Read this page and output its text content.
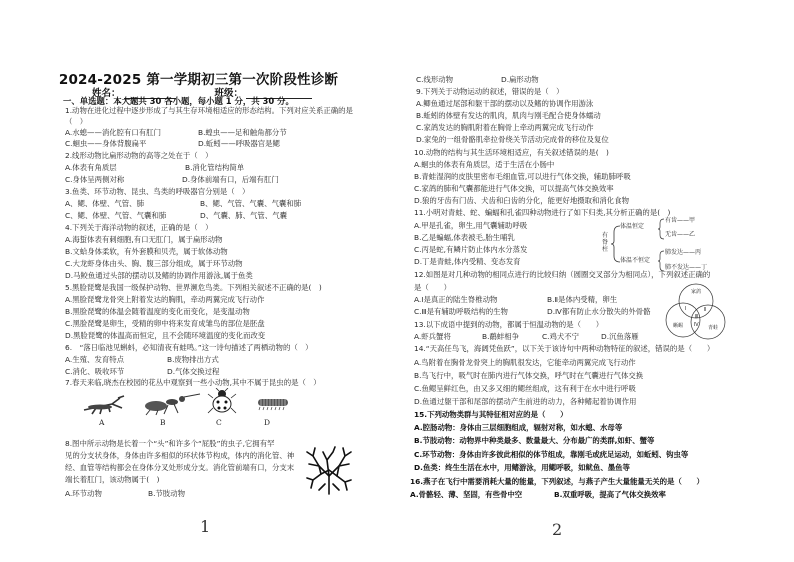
2024-2025 第一学期初三第一次阶段性诊断
姓名：	班级：
一、单选题：本大题共 30 各小题，每小题 1 分，共 30 分。
1.动物在进化过程中逐步形成了与其生存环境相适应的形态结构。下列对应关系正确的是
（　）
A.水螅——消化腔有口有肛门	B.蝗虫——足和触角都分节
C.蛔虫——身体背腹扁平	D.蚯蚓——呼吸器官是鳃
2.线形动物比扁形动物的高等之处在于（　）
A.体表有角质层	B.消化管结构简单
C.身体呈两侧对称	D.身体前端有口，后端有肛门
3.鱼类、环节动物、昆虫、鸟类的呼吸器官分别是（　）
A、鳃、体壁、气管、肺	B、鳃、气管、气囊、气囊和肺
C、鳃、体壁、气管、气囊和肺	D、气囊、肺、气管、气囊
4.下列关于海洋动物的叙述，正确的是（　）
A.海蜇体表有刺细胞,有口无肛门，属于扁形动物
B.文蛤身体柔软，有外套膜和贝壳，属于软体动物
C.大龙虾身体由头、胸、腹三部分组成，属于环节动物
D.马鲛鱼通过头部的摆动以及鳍的协调作用游泳,属于鱼类
5.黑脸琵鹭是我国一级保护动物、世界濒危鸟类。下列相关叙述不正确的是(　)
A.黑脸琵鹭龙骨突上附着发达的胸肌，牵动两翼完成飞行动作
B.黑脸琵鹭的体温会随着温度的变化而变化，是变温动物
C.黑脸琵鹭是卵生，受精的卵中将来发育成雏鸟的部位是胚盘
D.黑脸琵鹭的体温高而恒定，且不会随环境温度的变化而改变
6.　“落日临池见蝌蚪，必知清夜有蛙鸣。”这一诗句描述了两栖动物的（　）
A.生殖、发育特点	B.废物排出方式
C.消化、吸收环节	D.气体交换过程
7.春天来临,晓杰在校园的花丛中观察到一些小动物,其中不属于昆虫的是（　）
A	B	C	D
8.图中所示动物是长着一个“头”和许多个“屁股”的虫子,它拥有罕
见的分支状身体，身体由许多相似的环状体节构成，体内的消化管、神
经、血管等结构都会在身体分叉处形成分支。消化管前端有口，分支末
端长着肛门，该动物属于(　)
A.环节动物	B.节肢动物
1
C.线形动物	D.扁形动物
9.下列关于动物运动的叙述，错误的是（　）
A.鲫鱼通过尾部和躯干部的摆动以及鳍的协调作用游泳
B.蚯蚓的体壁有发达的肌肉，肌肉与刚毛配合使身体蠕动
C.家鸽发达的胸肌附着在胸骨上牵动两翼完成飞行动作
D.家兔的一组骨骼肌牵拉骨绕关节活动完成骨的移位及复位
10.动物的结构与其生活环境相适应，有关叙述错误的是(　)
A.蛔虫的体表有角质层，适于生活在小肠中
B.青蛙湿润的皮肤里密布毛细血管,可以进行气体交换，辅助肺呼吸
C.家鸽的肺和气囊都能进行气体交换，可以提高气体交换效率
D.狼的牙齿有门齿、犬齿和臼齿的分化，能更好地摄取和消化食物
11.小明对青蛙、蛇、蝙蝠和孔雀四种动物进行了如下归类,其分析正确的是(　)
A.甲是孔雀，卵生,用气囊辅助呼吸
B.乙是蝙蝠,体表被毛,胎生哺乳
C.丙是蛇,有鳞片防止体内水分蒸发
D.丁是青蛙,体内受精、变态发育
有脊柱
体温恒定
体温不恒定
有齿——甲
无齿——乙
肺发达——丙
肺不发达——丁
12.如图是对几种动物的相同点进行的比较归纳（圆圈交叉部分为相同点），下列叙述正确的
是（　　）
A.Ⅰ是真正的陆生脊椎动物	B.Ⅱ是体内受精，卵生
C.Ⅲ是有辅助呼吸结构的生物	D.Ⅳ都有防止水分散失的外骨骼
家鸽
蜥蜴	青蛙
Ⅰ	Ⅱ
Ⅲ
Ⅳ
13.以下成语中提到的动物，都属于恒温动物的是（　　）
A.虾兵蟹将	B.鹬蚌相争	C.鸡犬不宁	D.沉鱼落雁
14.“天高任鸟飞，海阔凭鱼跃”，以下关于该诗句中两种动物特征的叙述，错误的是（　　）
A.鸟附着在胸骨龙骨突上的胸肌很发达，它能牵动两翼完成飞行动作
B.鸟飞行中，吸气时在肺内进行气体交换，呼气时在气囊进行气体交换
C.鱼鳃呈鲜红色，由又多又细的鳃丝组成，这有利于在水中进行呼吸
D.鱼通过躯干部和尾部的摆动产生前进的动力，各种鳍起着协调作用
15.下列动物类群与其特征相对应的是（　　）
A.腔肠动物：身体由三层细胞组成，辐射对称，如水螅、水母等
B.节肢动物：动物界中种类最多、数量最大、分布最广的类群,如虾、蟹等
C.环节动物：身体由许多彼此相似的体节组成，靠刚毛或疣足运动，如蚯蚓、钩虫等
D.鱼类：终生生活在水中，用鳍游泳，用鳃呼吸，如鱿鱼、墨鱼等
16.燕子在飞行中需要消耗大量的能量，下列叙述，与燕子产生大量能量无关的是（　　）
A.骨骼轻、薄、坚固，有些骨中空	B.双重呼吸，提高了气体交换效率
2
